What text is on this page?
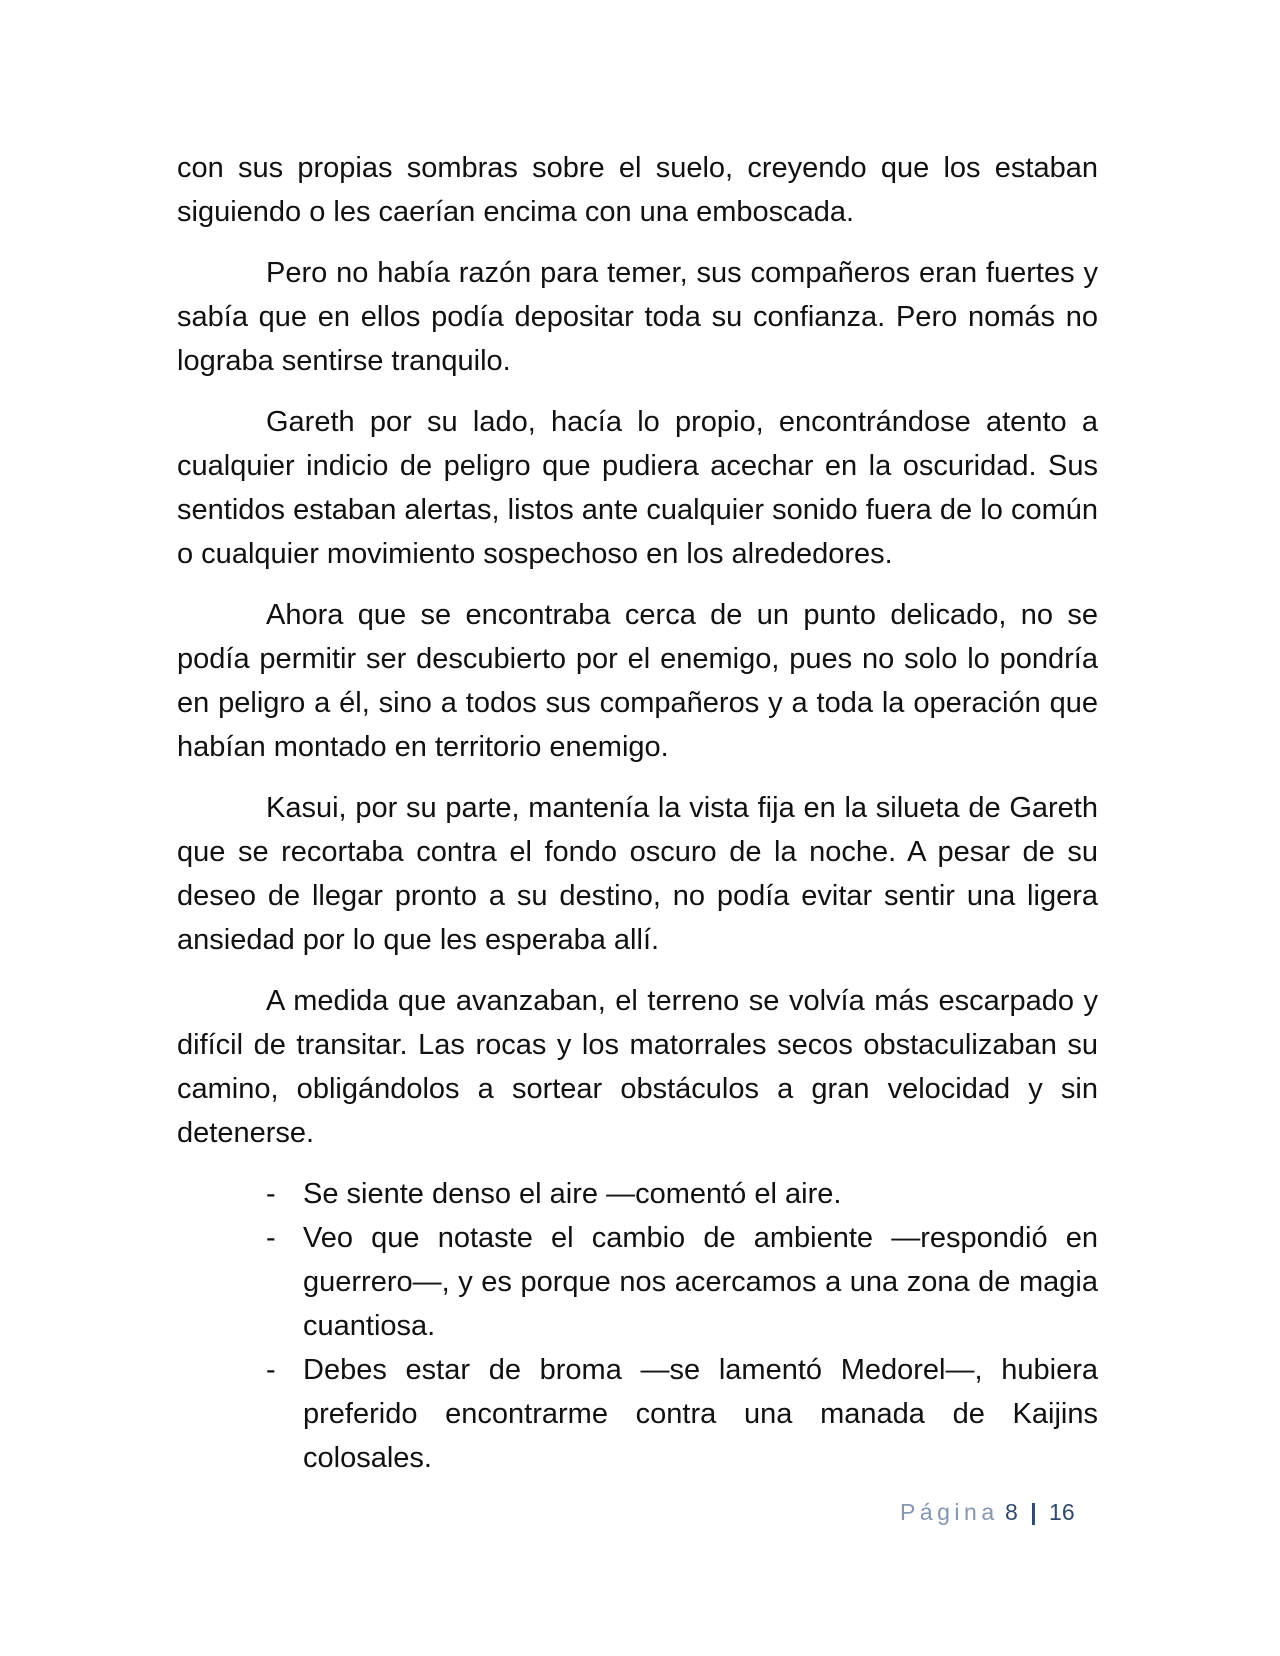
con sus propias sombras sobre el suelo, creyendo que los estaban siguiendo o les caerían encima con una emboscada.

Pero no había razón para temer, sus compañeros eran fuertes y sabía que en ellos podía depositar toda su confianza. Pero nomás no lograba sentirse tranquilo.

Gareth por su lado, hacía lo propio, encontrándose atento a cualquier indicio de peligro que pudiera acechar en la oscuridad. Sus sentidos estaban alertas, listos ante cualquier sonido fuera de lo común o cualquier movimiento sospechoso en los alrededores.

Ahora que se encontraba cerca de un punto delicado, no se podía permitir ser descubierto por el enemigo, pues no solo lo pondría en peligro a él, sino a todos sus compañeros y a toda la operación que habían montado en territorio enemigo.

Kasui, por su parte, mantenía la vista fija en la silueta de Gareth que se recortaba contra el fondo oscuro de la noche. A pesar de su deseo de llegar pronto a su destino, no podía evitar sentir una ligera ansiedad por lo que les esperaba allí.

A medida que avanzaban, el terreno se volvía más escarpado y difícil de transitar. Las rocas y los matorrales secos obstaculizaban su camino, obligándolos a sortear obstáculos a gran velocidad y sin detenerse.

- Se siente denso el aire —comentó el aire.
- Veo que notaste el cambio de ambiente —respondió en guerrero—, y es porque nos acercamos a una zona de magia cuantiosa.
- Debes estar de broma —se lamentó Medorel—, hubiera preferido encontrarme contra una manada de Kaijins colosales.
Página 8 | 16
